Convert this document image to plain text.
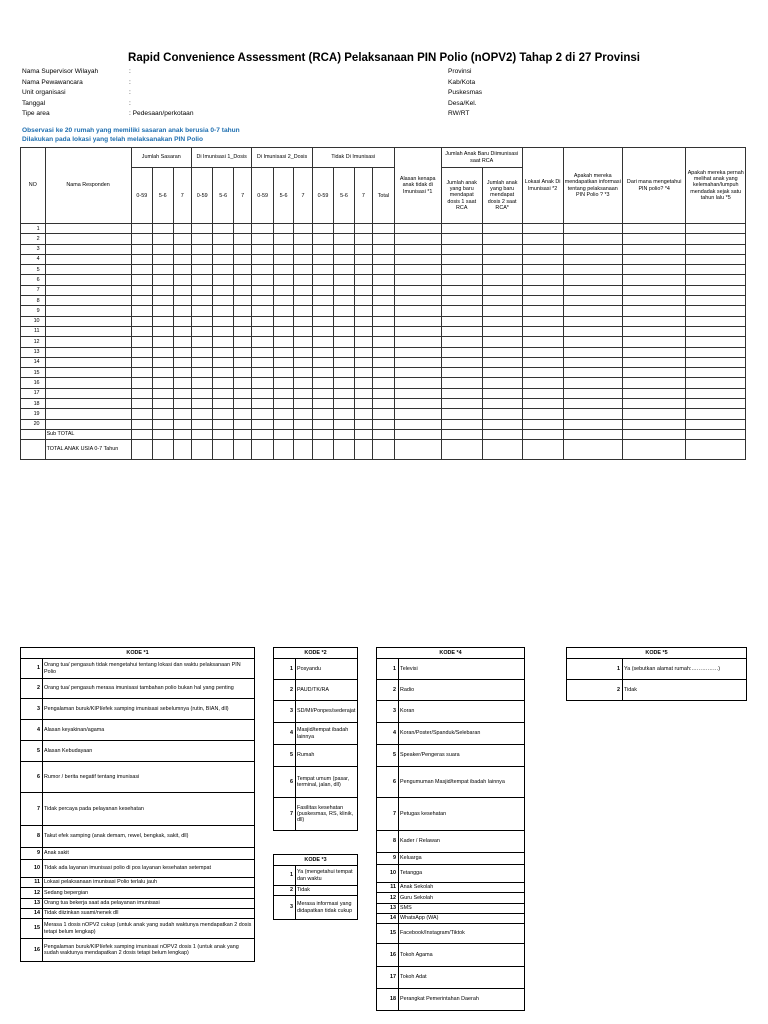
Rapid Convenience Assessment (RCA) Pelaksanaan PIN Polio (nOPV2) Tahap 2 di 27 Provinsi
Nama Supervisor Wilayah	:
Nama Pewawancara	:
Unit organisasi	:
Tanggal	:
Tipe area	: Pedesaan/perkotaan
Provinsi
Kab/Kota
Puskesmas
Desa/Kel.
RW/RT
Observasi ke 20 rumah yang memiliki sasaran anak berusia 0-7 tahun
Dilakukan pada lokasi yang telah melaksanakan PIN Polio
NO	Nama Responden	Jumlah Sasaran			Di Imunisasi 1_Dosis			Di Imunisasi 2_Dosis			Tidak Di Imunisasi				Alasan kenapa anak tidak di Imunisasi *1	Jumlah Anak Baru Diimunisasi saat RCA		Lokasi Anak Di Imunisasi *2	Apakah mereka mendapatkan informasi tentang pelaksanaan PIN Polio ? *3	Dari mana mengetahui PIN polio? *4	Apakah mereka pernah melihat anak yang kelemahan/lumpuh mendadak sejak satu tahun lalu *5
																Jumlah anak yang baru mendapat dosis 1 saat RCA	Jumlah anak yang baru mendapat dosis 2 saat RCA*				
		0-59	5-6	7	0-59	5-6	7	0-59	5-6	7	0-59	5-6	7	Total							
1																					
2																					
3																					
4																					
5																					
6																					
7																					
8																					
9																					
10																					
11																					
12																					
13																					
14																					
15																					
16																					
17																					
18																					
19																					
20																					
	Sub TOTAL																				
	TOTAL ANAK USIA 0-7 Tahun																				
KODE *1	
1	Orang tua/ pengasuh tidak mengetahui tentang lokasi dan waktu pelaksanaan PIN Polio
2	Orang tua/ pengasuh merasa imunisasi tambahan polio bukan hal yang penting
3	Pengalaman buruk/KIPI/efek samping imunisasi sebelumnya (rutin, BIAN, dll)
4	Alasan keyakinan/agama
5	Alasan Kebudayaan
6	Rumor / berita negatif tentang imunisasi
7	Tidak percaya pada pelayanan kesehatan
8	Takut efek samping (anak demam, rewel, bengkak, sakit, dll)
9	Anak sakit
10	Tidak ada layanan imunisasi polio di pos layanan kesehatan setempat
11	Lokasi pelaksanaan imunisasi Polio terlalu jauh
12	Sedang bepergian
13	Orang tua bekerja saat ada pelayanan imunisasi
14	Tidak diizinkan suami/nenek dll
15	Merasa 1 dosis nOPV2 cukup (untuk anak yang sudah waktunya mendapatkan 2 dosis tetapi belum lengkap)
16	Pengalaman buruk/KIPI/efek samping imunisasi nOPV2 dosis 1 (untuk anak yang sudah waktunya mendapatkan 2 dosis tetapi belum lengkap)
KODE *2	
1	Posyandu
2	PAUD/TK/RA
3	SD/MI/Ponpes/sederajat
4	Masjid/tempat ibadah lainnya
5	Rumah
6	Tempat umum (pasar, terminal, jalan, dll)
7	Fasilitas kesehatan (puskesmas, RS, klinik, dll)
KODE *3	
1	Ya (mengetahui tempat dan waktu
2	Tidak
3	Merasa informasi yang didapatkan tidak cukup
KODE *4	
1	Televisi
2	Radio
3	Koran
4	Koran/Poster/Spanduk/Selebaran
5	Speaker/Pengeras suara
6	Pengumuman Masjid/tempat ibadah lainnya
7	Petugas kesehatan
8	Kader / Relawan
9	Keluarga
10	Tetangga
11	Anak Sekolah
12	Guru Sekolah
13	SMS
14	WhatsApp (WA)
15	Facebook/Instagram/Tiktok
16	Tokoh Agama
17	Tokoh Adat
18	Perangkat Pemerintahan Daerah
KODE *5	
1	Ya (sebutkan alamat rumah:……………)
2	Tidak
